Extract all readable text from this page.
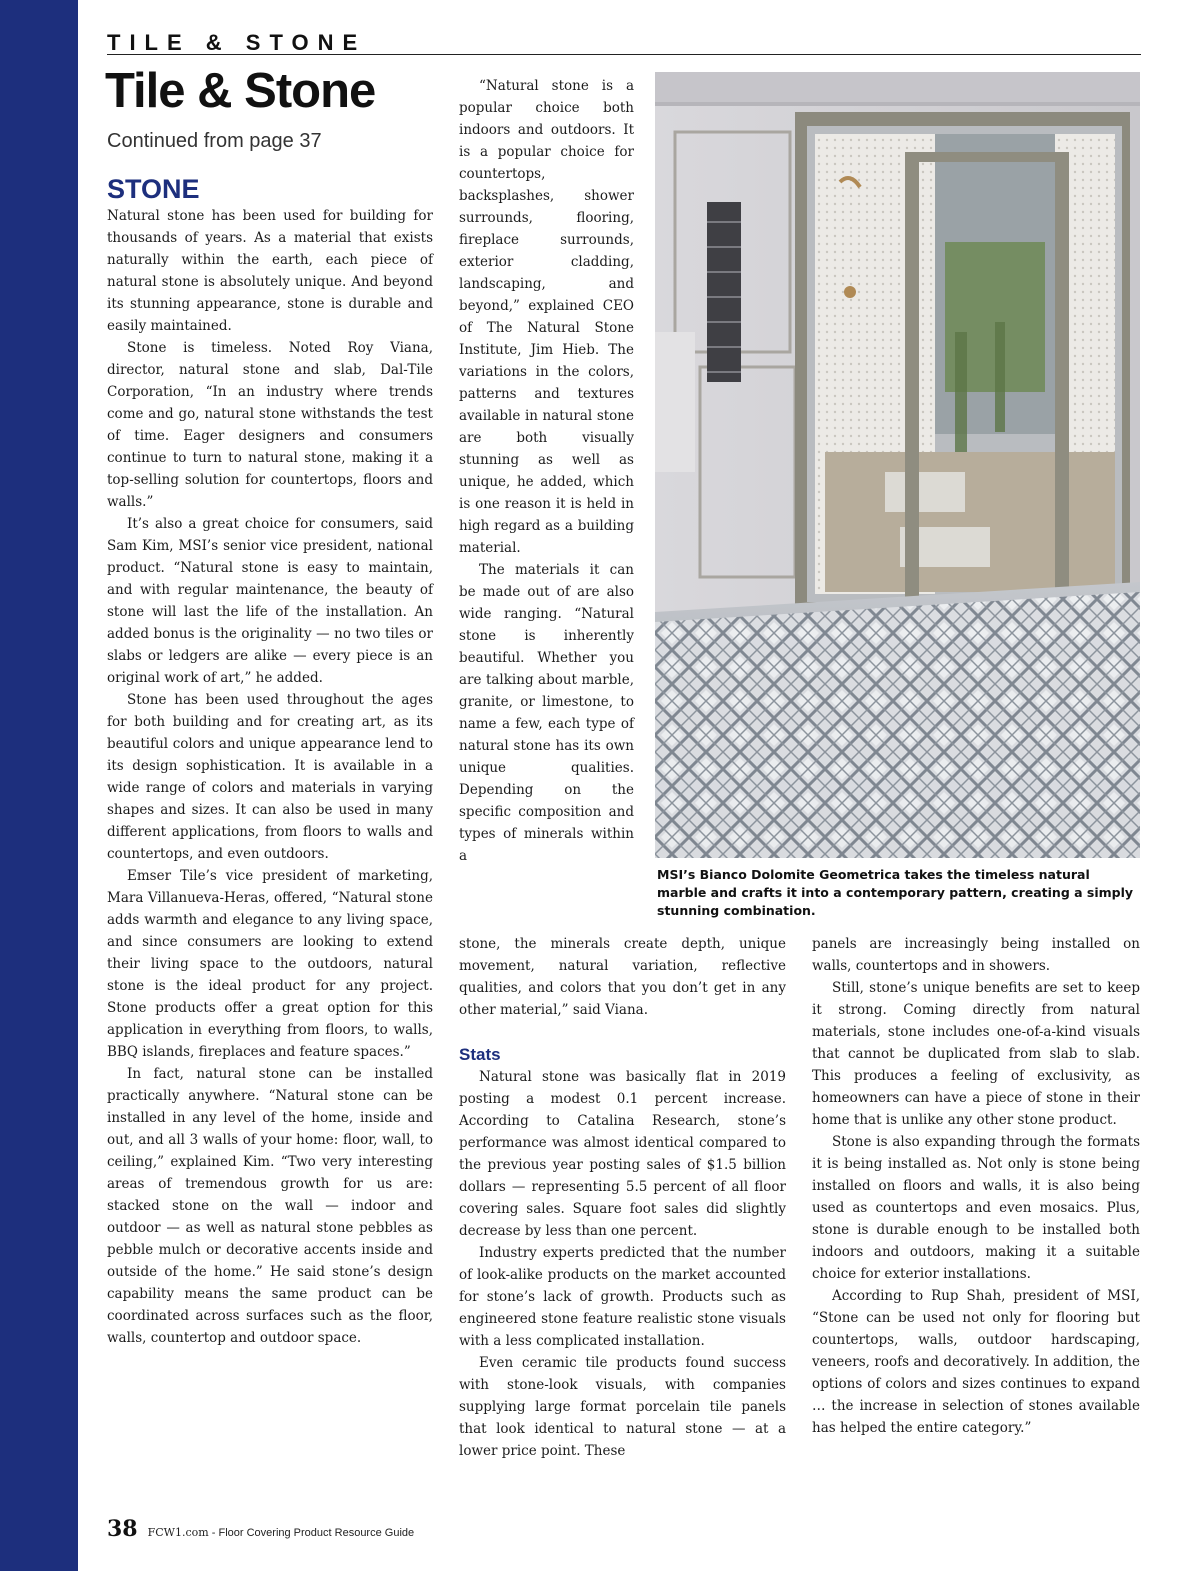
TILE & STONE
Tile & Stone
Continued from page 37
STONE

Natural stone has been used for building for thousands of years. As a material that exists naturally within the earth, each piece of natural stone is absolutely unique. And beyond its stunning appearance, stone is durable and easily maintained.

Stone is timeless. Noted Roy Viana, director, natural stone and slab, Dal-Tile Corporation, “In an industry where trends come and go, natural stone withstands the test of time. Eager designers and consumers continue to turn to natural stone, making it a top-selling solution for countertops, floors and walls.”

It’s also a great choice for consumers, said Sam Kim, MSI’s senior vice president, national product. “Natural stone is easy to maintain, and with regular maintenance, the beauty of stone will last the life of the installation. An added bonus is the originality — no two tiles or slabs or ledgers are alike — every piece is an original work of art,” he added.

Stone has been used throughout the ages for both building and for creating art, as its beautiful colors and unique appearance lend to its design sophistication. It is available in a wide range of colors and materials in varying shapes and sizes. It can also be used in many different applications, from floors to walls and countertops, and even outdoors.

Emser Tile’s vice president of marketing, Mara Villanueva-Heras, offered, “Natural stone adds warmth and elegance to any living space, and since consumers are looking to extend their living space to the outdoors, natural stone is the ideal product for any project. Stone products offer a great option for this application in everything from floors, to walls, BBQ islands, fireplaces and feature spaces.”

In fact, natural stone can be installed practically anywhere. “Natural stone can be installed in any level of the home, inside and out, and all 3 walls of your home: floor, wall, to ceiling,” explained Kim. “Two very interesting areas of tremendous growth for us are: stacked stone on the wall — indoor and outdoor — as well as natural stone pebbles as pebble mulch or decorative accents inside and outside of the home.” He said stone’s design capability means the same product can be coordinated across surfaces such as the floor, walls, countertop and outdoor space.

“Natural stone is a popular choice both indoors and outdoors. It is a popular choice for countertops, backsplashes, shower surrounds, flooring, fireplace surrounds, exterior cladding, landscaping, and beyond,” explained CEO of The Natural Stone Institute, Jim Hieb. The variations in the colors, patterns and textures available in natural stone are both visually stunning as well as unique, he added, which is one reason it is held in high regard as a building material.

The materials it can be made out of are also wide ranging. “Natural stone is inherently beautiful. Whether you are talking about marble, granite, or limestone, to name a few, each type of natural stone has its own unique qualities. Depending on the specific composition and types of minerals within a

MSI’s Bianco Dolomite Geometrica takes the timeless natural marble and crafts it into a contemporary pattern, creating a simply stunning combination.

stone, the minerals create depth, unique movement, natural variation, reflective qualities, and colors that you don’t get in any other material,” said Viana.

Stats

Natural stone was basically flat in 2019 posting a modest 0.1 percent increase. According to Catalina Research, stone’s performance was almost identical compared to the previous year posting sales of $1.5 billion dollars — representing 5.5 percent of all floor covering sales. Square foot sales did slightly decrease by less than one percent.

Industry experts predicted that the number of look-alike products on the market accounted for stone’s lack of growth. Products such as engineered stone feature realistic stone visuals with a less complicated installation.

Even ceramic tile products found success with stone-look visuals, with companies supplying large format porcelain tile panels that look identical to natural stone — at a lower price point. These

panels are increasingly being installed on walls, countertops and in showers.

Still, stone’s unique benefits are set to keep it strong. Coming directly from natural materials, stone includes one-of-a-kind visuals that cannot be duplicated from slab to slab. This produces a feeling of exclusivity, as homeowners can have a piece of stone in their home that is unlike any other stone product.

Stone is also expanding through the formats it is being installed as. Not only is stone being installed on floors and walls, it is also being used as countertops and even mosaics. Plus, stone is durable enough to be installed both indoors and outdoors, making it a suitable choice for exterior installations.

According to Rup Shah, president of MSI, “Stone can be used not only for flooring but countertops, walls, outdoor hardscaping, veneers, roofs and decoratively. In addition, the options of colors and sizes continues to expand … the increase in selection of stones available has helped the entire category.”

38 FCW1.com - Floor Covering Product Resource Guide
